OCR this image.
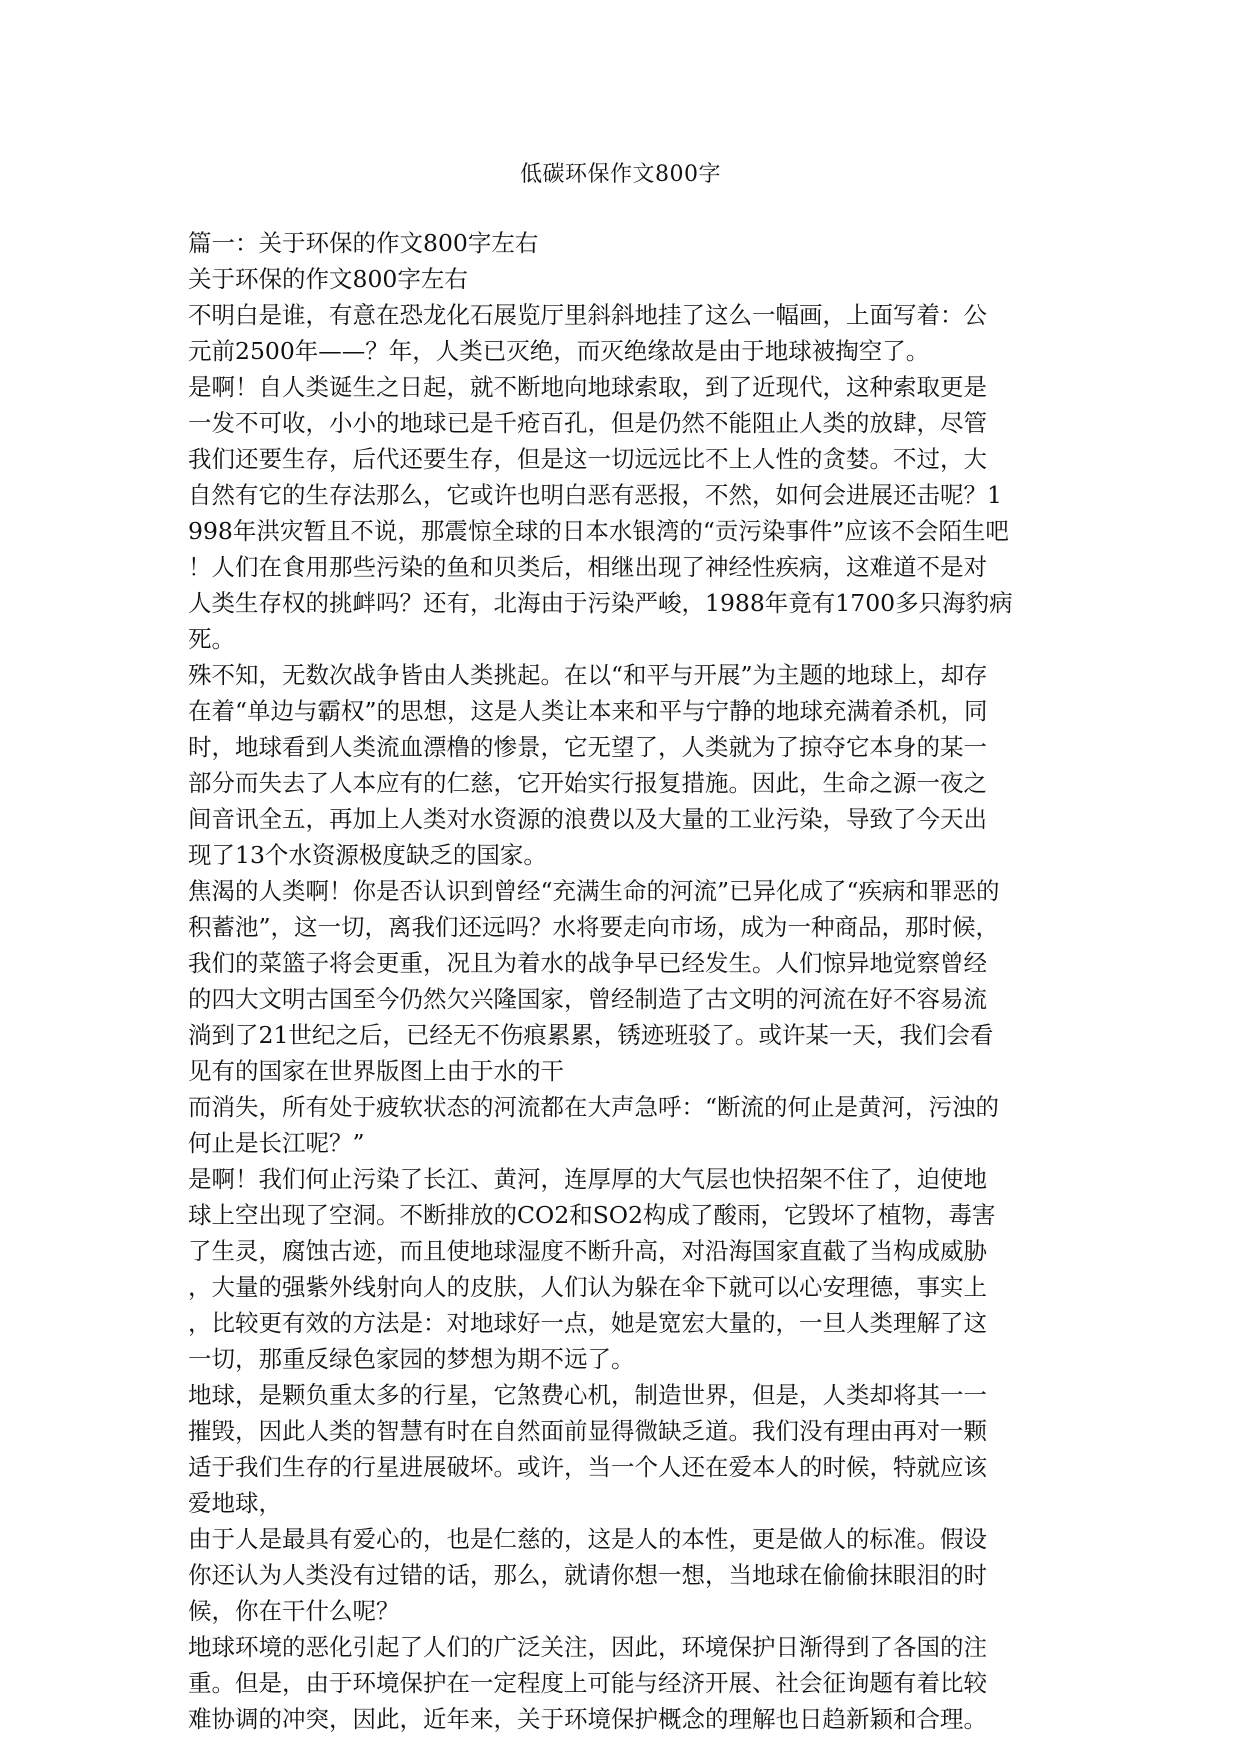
低碳环保作文800字
篇一：关于环保的作文800字左右
关于环保的作文800字左右
不明白是谁，有意在恐龙化石展览厅里斜斜地挂了这么一幅画，上面写着：公
元前2500年——？年，人类已灭绝，而灭绝缘故是由于地球被掏空了。
是啊！自人类诞生之日起，就不断地向地球索取，到了近现代，这种索取更是
一发不可收，小小的地球已是千疮百孔，但是仍然不能阻止人类的放肆，尽管
我们还要生存，后代还要生存，但是这一切远远比不上人性的贪婪。不过，大
自然有它的生存法那么，它或许也明白恶有恶报，不然，如何会进展还击呢？1
998年洪灾暂且不说，那震惊全球的日本水银湾的“贡污染事件”应该不会陌生吧
！人们在食用那些污染的鱼和贝类后，相继出现了神经性疾病，这难道不是对
人类生存权的挑衅吗？还有，北海由于污染严峻，1988年竟有1700多只海豹病
死。
殊不知，无数次战争皆由人类挑起。在以“和平与开展”为主题的地球上，却存
在着“单边与霸权”的思想，这是人类让本来和平与宁静的地球充满着杀机，同
时，地球看到人类流血漂橹的惨景，它无望了，人类就为了掠夺它本身的某一
部分而失去了人本应有的仁慈，它开始实行报复措施。因此，生命之源一夜之
间音讯全五，再加上人类对水资源的浪费以及大量的工业污染，导致了今天出
现了13个水资源极度缺乏的国家。
焦渴的人类啊！你是否认识到曾经“充满生命的河流”已异化成了“疾病和罪恶的
积蓄池”，这一切，离我们还远吗？水将要走向市场，成为一种商品，那时候，
我们的菜篮子将会更重，况且为着水的战争早已经发生。人们惊异地觉察曾经
的四大文明古国至今仍然欠兴隆国家，曾经制造了古文明的河流在好不容易流
淌到了21世纪之后，已经无不伤痕累累，锈迹班驳了。或许某一天，我们会看
见有的国家在世界版图上由于水的干
而消失，所有处于疲软状态的河流都在大声急呼：“断流的何止是黄河，污浊的
何止是长江呢？”
是啊！我们何止污染了长江、黄河，连厚厚的大气层也快招架不住了，迫使地
球上空出现了空洞。不断排放的CO2和SO2构成了酸雨，它毁坏了植物，毒害
了生灵，腐蚀古迹，而且使地球湿度不断升高，对沿海国家直截了当构成威胁
，大量的强紫外线射向人的皮肤，人们认为躲在伞下就可以心安理德，事实上
，比较更有效的方法是：对地球好一点，她是宽宏大量的，一旦人类理解了这
一切，那重反绿色家园的梦想为期不远了。
地球，是颗负重太多的行星，它煞费心机，制造世界，但是，人类却将其一一
摧毁，因此人类的智慧有时在自然面前显得微缺乏道。我们没有理由再对一颗
适于我们生存的行星进展破坏。或许，当一个人还在爱本人的时候，特就应该
爱地球，
由于人是最具有爱心的，也是仁慈的，这是人的本性，更是做人的标准。假设
你还认为人类没有过错的话，那么，就请你想一想，当地球在偷偷抹眼泪的时
候，你在干什么呢？
地球环境的恶化引起了人们的广泛关注，因此，环境保护日渐得到了各国的注
重。但是，由于环境保护在一定程度上可能与经济开展、社会征询题有着比较
难协调的冲突，因此，近年来，关于环境保护概念的理解也日趋新颖和合理。
